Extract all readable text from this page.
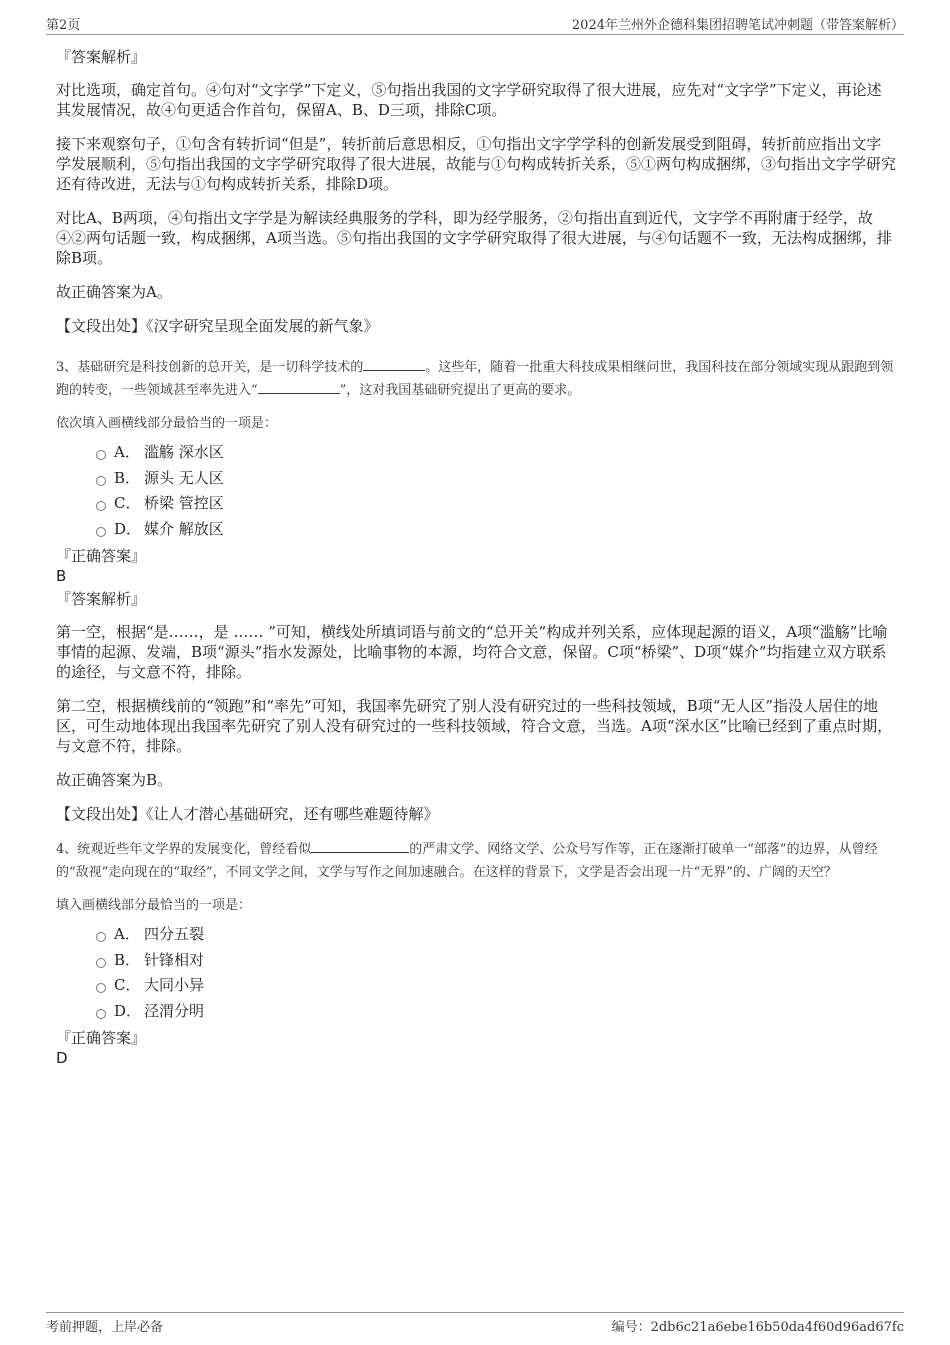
第2页	2024年兰州外企德科集团招聘笔试冲刺题（带答案解析）

『答案解析』

对比选项，确定首句。④句对“文字学”下定义，⑤句指出我国的文字学研究取得了很大进展，应先对“文字学”下定义，再论述其发展情况，故④句更适合作首句，保留A、B、D三项，排除C项。

接下来观察句子，①句含有转折词“但是”，转折前后意思相反，①句指出文字学学科的创新发展受到阻碍，转折前应指出文字学发展顺利，⑤句指出我国的文字学研究取得了很大进展，故能与①句构成转折关系，⑤①两句构成捆绑，③句指出文字学研究还有待改进，无法与①句构成转折关系，排除D项。

对比A、B两项，④句指出文字学是为解读经典服务的学科，即为经学服务，②句指出直到近代，文字学不再附庸于经学，故④②两句话题一致，构成捆绑，A项当选。⑤句指出我国的文字学研究取得了很大进展，与④句话题不一致，无法构成捆绑，排除B项。

故正确答案为A。

【文段出处】《汉字研究呈现全面发展的新气象》

3、基础研究是科技创新的总开关，是一切科学技术的	。这些年，随着一批重大科技成果相继问世，我国科技在部分领域实现从跟跑到领跑的转变，一些领域甚至率先进入“	”，这对我国基础研究提出了更高的要求。

依次填入画横线部分最恰当的一项是：

A． 滥觞 深水区
B． 源头 无人区
C． 桥梁 管控区
D． 媒介 解放区

『正确答案』

B

『答案解析』

第一空，根据“是……，是 …… ”可知，横线处所填词语与前文的“总开关”构成并列关系，应体现起源的语义，A项“滥觞”比喻事情的起源、发端，B项“源头”指水发源处，比喻事物的本源，均符合文意，保留。C项“桥梁”、D项“媒介”均指建立双方联系的途径，与文意不符，排除。

第二空，根据横线前的“领跑”和“率先”可知，我国率先研究了别人没有研究过的一些科技领域，B项“无人区”指没人居住的地区，可生动地体现出我国率先研究了别人没有研究过的一些科技领域，符合文意，当选。A项“深水区”比喻已经到了重点时期，与文意不符，排除。

故正确答案为B。

【文段出处】《让人才潜心基础研究，还有哪些难题待解》

4、统观近些年文学界的发展变化，曾经看似	的严肃文学、网络文学、公众号写作等，正在逐渐打破单一“部落”的边界，从曾经的“敌视”走向现在的“取经”，不同文学之间，文学与写作之间加速融合。在这样的背景下，文学是否会出现一片“无界”的、广阔的天空？

填入画横线部分最恰当的一项是：

A． 四分五裂
B． 针锋相对
C． 大同小异
D． 泾渭分明

『正确答案』

D

考前押题，上岸必备	编号：2db6c21a6ebe16b50da4f60d96ad67fc
